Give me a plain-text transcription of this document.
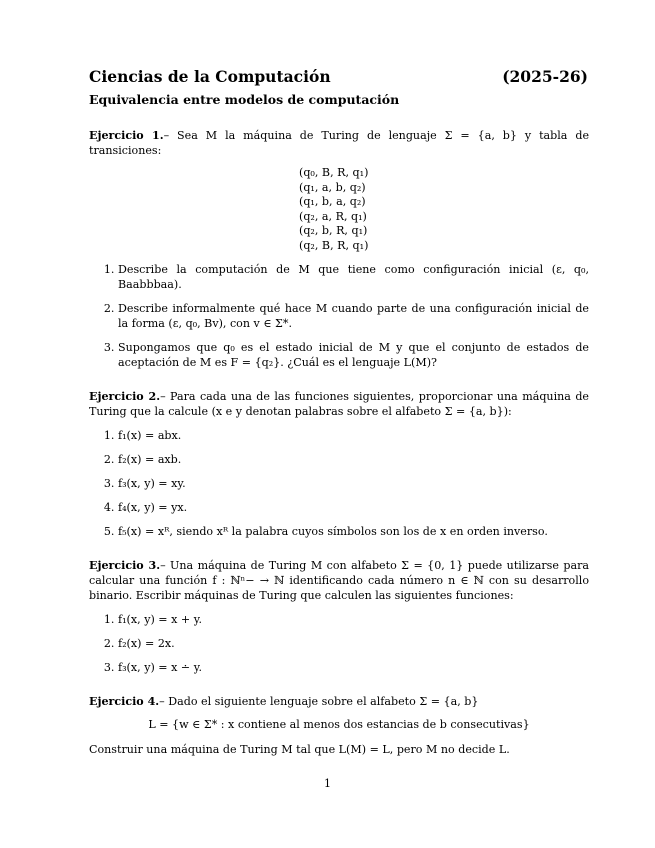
Ciencias de la Computación	(2025-26)
Equivalencia entre modelos de computación

Ejercicio 1.– Sea M la máquina de Turing de lenguaje Σ = {a, b} y tabla de transiciones:

(q₀, B, R, q₁)
(q₁, a, b, q₂)
(q₁, b, a, q₂)
(q₂, a, R, q₁)
(q₂, b, R, q₁)
(q₂, B, R, q₁)
1. Describe la computación de M que tiene como configuración inicial (ε, q₀, Baabbbaa).
2. Describe informalmente qué hace M cuando parte de una configuración inicial de la forma (ε, q₀, Bv), con v ∈ Σ*.
3. Supongamos que q₀ es el estado inicial de M y que el conjunto de estados de aceptación de M es F = {q₂}. ¿Cuál es el lenguaje L(M)?

Ejercicio 2.– Para cada una de las funciones siguientes, proporcionar una máquina de Turing que la calcule (x e y denotan palabras sobre el alfabeto Σ = {a, b}):

1. f₁(x) = abx.
2. f₂(x) = axb.
3. f₃(x, y) = xy.
4. f₄(x, y) = yx.
5. f₅(x) = xᴿ, siendo xᴿ la palabra cuyos símbolos son los de x en orden inverso.

Ejercicio 3.– Una máquina de Turing M con alfabeto Σ = {0, 1} puede utilizarse para calcular una función f : ℕⁿ− → ℕ identificando cada número n ∈ ℕ con su desarrollo binario. Escribir máquinas de Turing que calculen las siguientes funciones:

1. f₁(x, y) = x + y.
2. f₂(x) = 2x.
3. f₃(x, y) = x ∸ y.

Ejercicio 4.– Dado el siguiente lenguaje sobre el alfabeto Σ = {a, b}

L = {w ∈ Σ* : x contiene al menos dos estancias de b consecutivas}

Construir una máquina de Turing M tal que L(M) = L, pero M no decide L.

1
